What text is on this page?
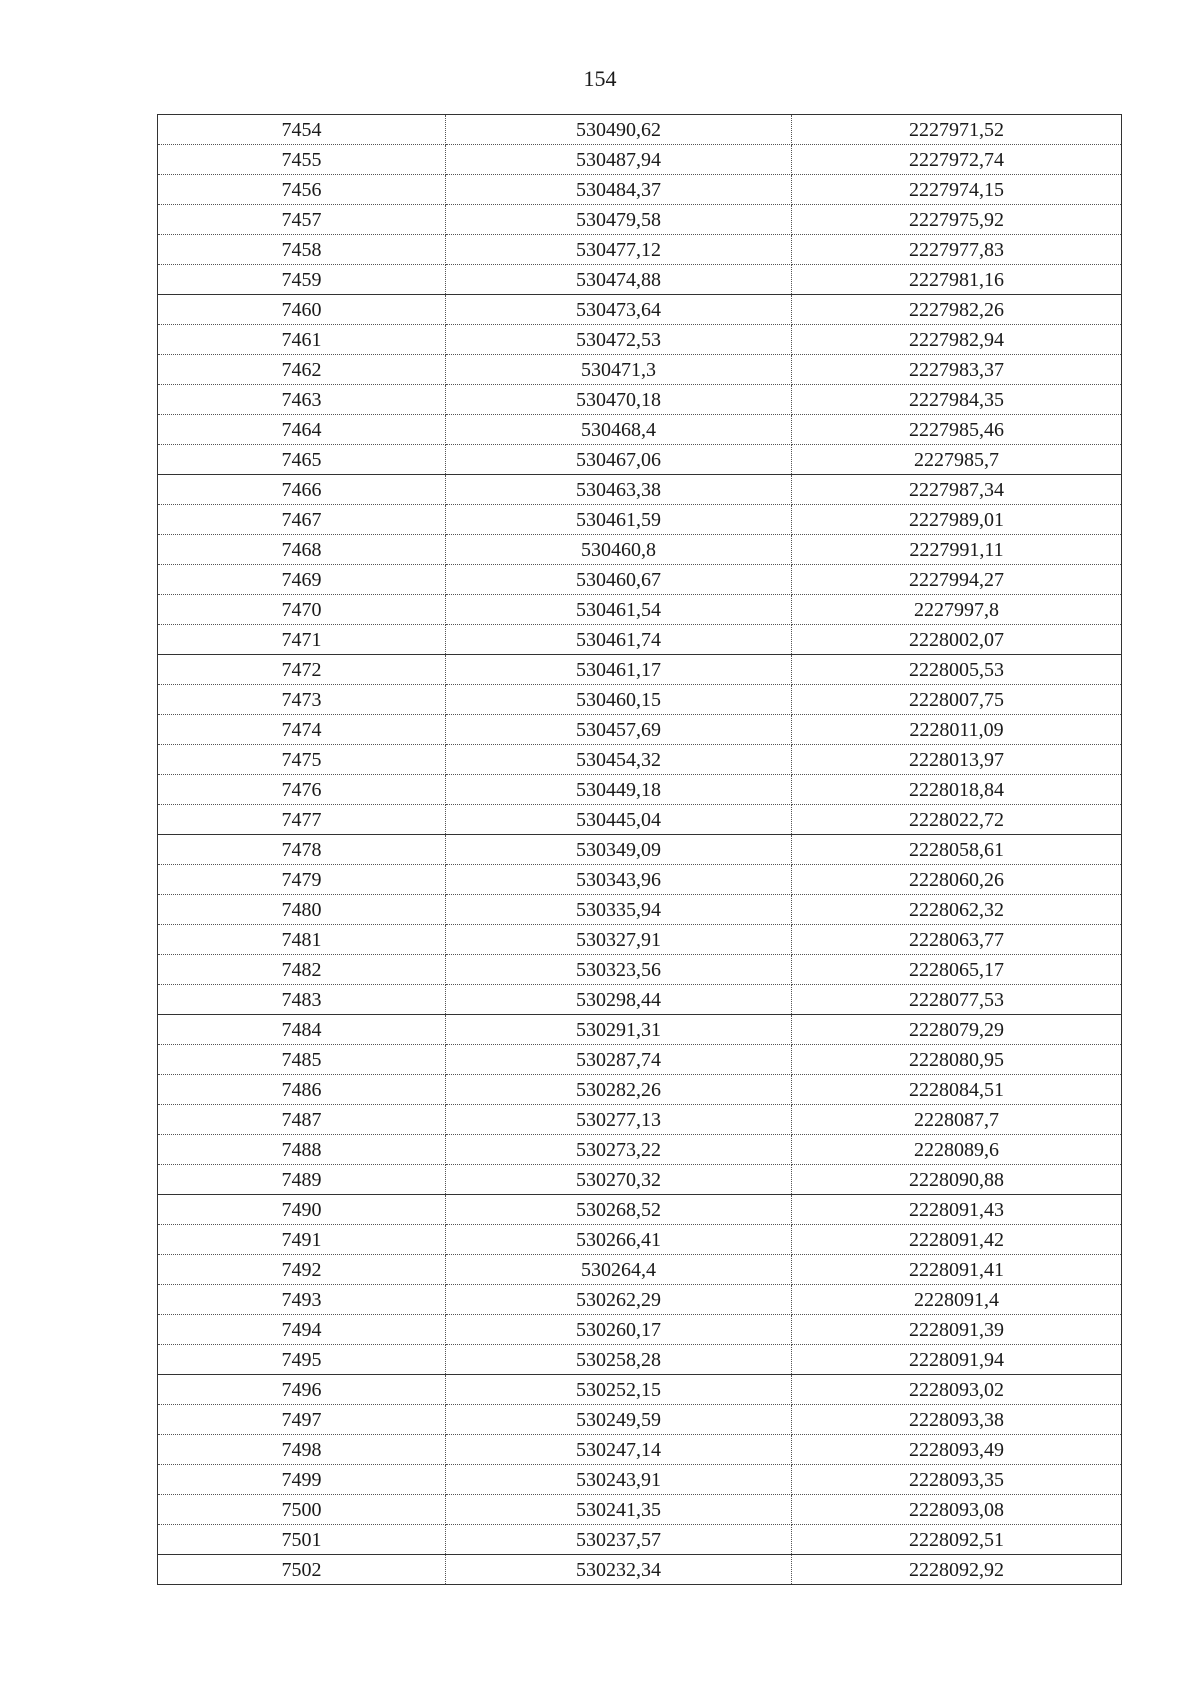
154
7454	530490,62	2227971,52
7455	530487,94	2227972,74
7456	530484,37	2227974,15
7457	530479,58	2227975,92
7458	530477,12	2227977,83
7459	530474,88	2227981,16
7460	530473,64	2227982,26
7461	530472,53	2227982,94
7462	530471,3	2227983,37
7463	530470,18	2227984,35
7464	530468,4	2227985,46
7465	530467,06	2227985,7
7466	530463,38	2227987,34
7467	530461,59	2227989,01
7468	530460,8	2227991,11
7469	530460,67	2227994,27
7470	530461,54	2227997,8
7471	530461,74	2228002,07
7472	530461,17	2228005,53
7473	530460,15	2228007,75
7474	530457,69	2228011,09
7475	530454,32	2228013,97
7476	530449,18	2228018,84
7477	530445,04	2228022,72
7478	530349,09	2228058,61
7479	530343,96	2228060,26
7480	530335,94	2228062,32
7481	530327,91	2228063,77
7482	530323,56	2228065,17
7483	530298,44	2228077,53
7484	530291,31	2228079,29
7485	530287,74	2228080,95
7486	530282,26	2228084,51
7487	530277,13	2228087,7
7488	530273,22	2228089,6
7489	530270,32	2228090,88
7490	530268,52	2228091,43
7491	530266,41	2228091,42
7492	530264,4	2228091,41
7493	530262,29	2228091,4
7494	530260,17	2228091,39
7495	530258,28	2228091,94
7496	530252,15	2228093,02
7497	530249,59	2228093,38
7498	530247,14	2228093,49
7499	530243,91	2228093,35
7500	530241,35	2228093,08
7501	530237,57	2228092,51
7502	530232,34	2228092,92
